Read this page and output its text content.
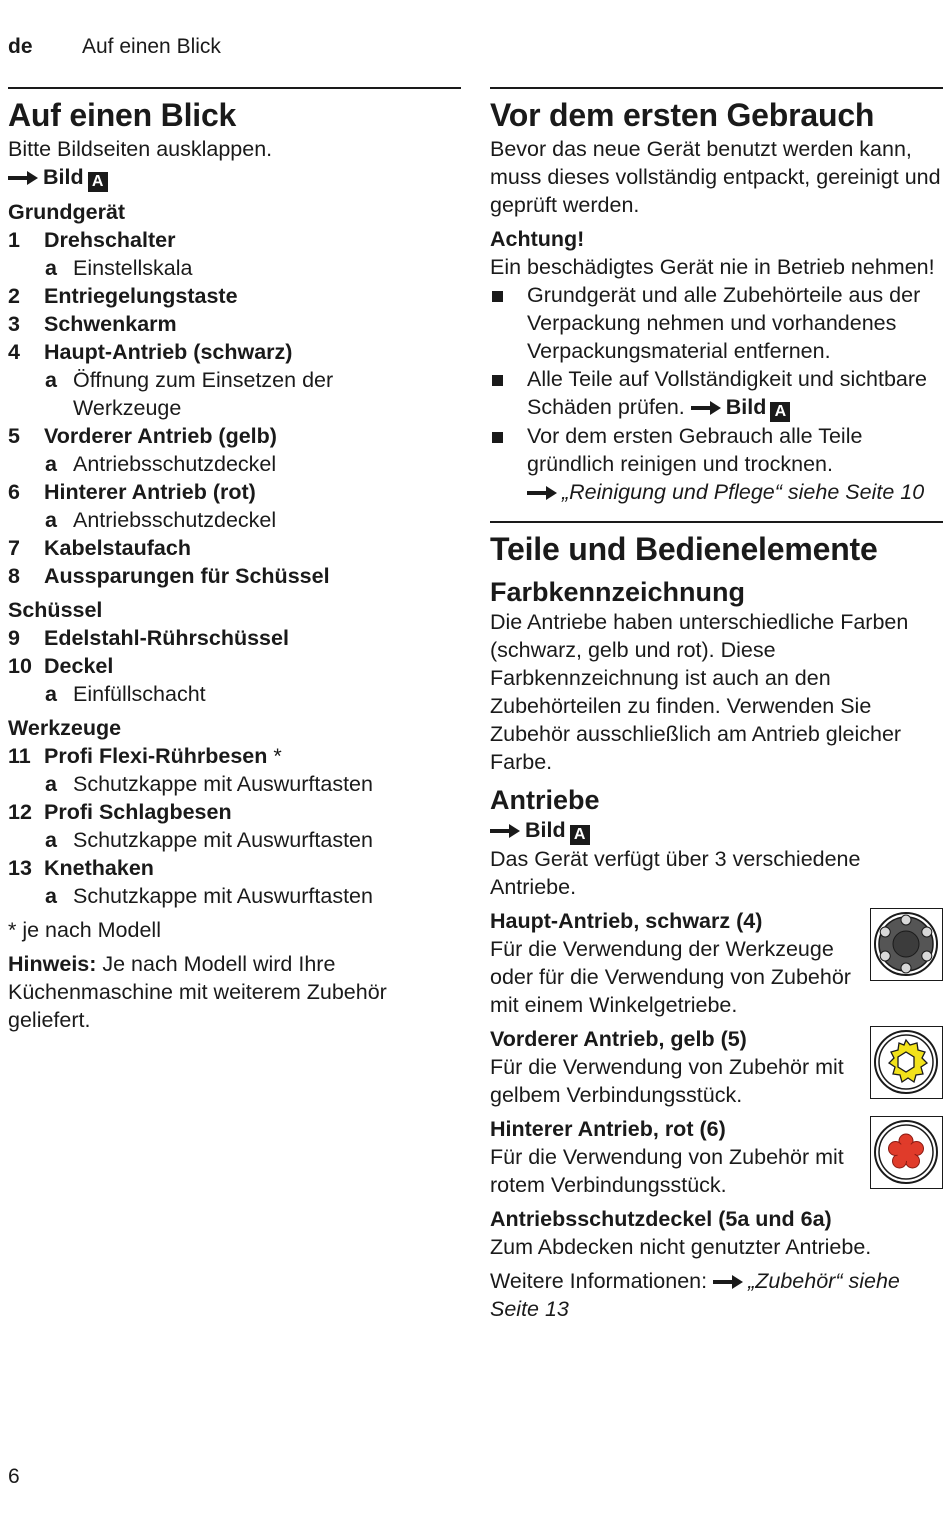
de Auf einen Blick
Auf einen Blick

Bitte Bildseiten ausklappen.

Bild A

Grundgerät

1 Drehschalter
a Einstellskala
2 Entriegelungstaste
3 Schwenkarm
4 Haupt-Antrieb (schwarz)
a Öffnung zum Einsetzen der
Werkzeuge
5 Vorderer Antrieb (gelb)
a Antriebsschutzdeckel
6 Hinterer Antrieb (rot)
a Antriebsschutzdeckel
7 Kabelstaufach
8 Aussparungen für Schüssel

Schüssel

9 Edelstahl-Rührschüssel
10 Deckel
a Einfüllschacht

Werkzeuge

11 Profi Flexi-Rührbesen *
a Schutzkappe mit Auswurftasten
12 Profi Schlagbesen
a Schutzkappe mit Auswurftasten
13 Knethaken
a Schutzkappe mit Auswurftasten

* je nach Modell

Hinweis: Je nach Modell wird Ihre Küchenmaschine mit weiterem Zubehör geliefert.

Vor dem ersten Gebrauch

Bevor das neue Gerät benutzt werden kann, muss dieses vollständig entpackt, gereinigt und geprüft werden.

Achtung!

Ein beschädigtes Gerät nie in Betrieb nehmen!

Grundgerät und alle Zubehörteile aus der Verpackung nehmen und vorhandenes Verpackungsmaterial entfernen.
Alle Teile auf Vollständigkeit und sichtbare Schäden prüfen. Bild A
Vor dem ersten Gebrauch alle Teile gründlich reinigen und trocknen.
„Reinigung und Pflege“ siehe Seite 10
Teile und Bedienelemente
Farbkennzeichnung

Die Antriebe haben unterschiedliche Farben (schwarz, gelb und rot). Diese Farbkennzeichnung ist auch an den Zubehörteilen zu finden. Verwenden Sie Zubehör ausschließlich am Antrieb gleicher Farbe.

Antriebe

Bild A

Das Gerät verfügt über 3 verschiedene Antriebe.

Haupt-Antrieb, schwarz (4)

Für die Verwendung der Werkzeuge oder für die Verwendung von Zubehör mit einem Winkelgetriebe.

Vorderer Antrieb, gelb (5)

Für die Verwendung von Zubehör mit gelbem Verbindungsstück.

Hinterer Antrieb, rot (6)

Für die Verwendung von Zubehör mit rotem Verbindungsstück.

Antriebsschutzdeckel (5a und 6a)

Zum Abdecken nicht genutzter Antriebe.

Weitere Informationen: „Zubehör“ siehe Seite 13

6
